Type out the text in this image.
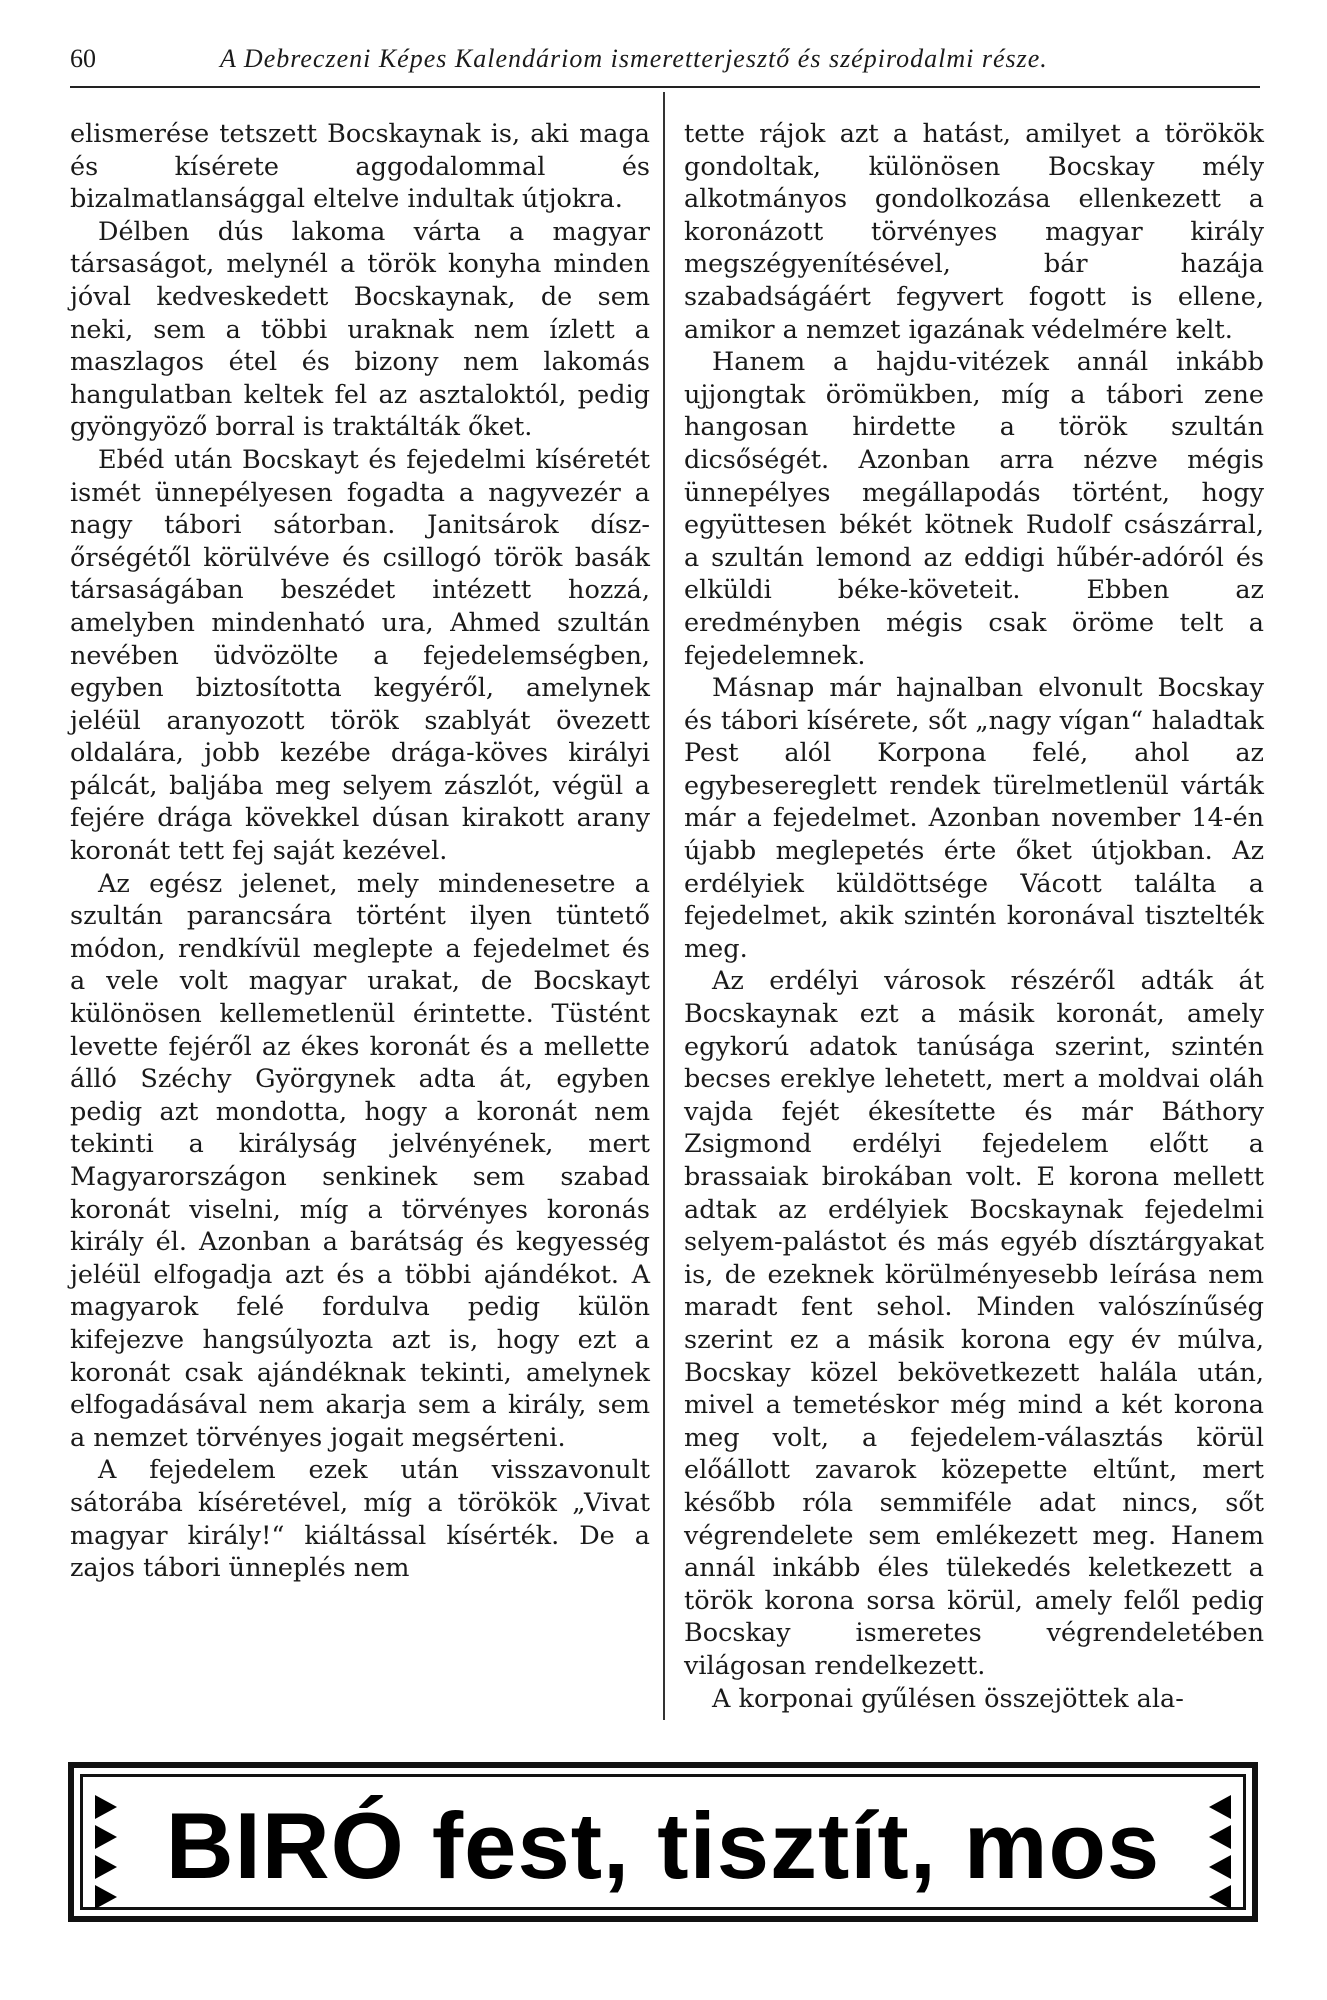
60	A Debreczeni Képes Kalendáriom ismeretterjesztő és szépirodalmi része.

elismerése tetszett Bocskaynak is, aki maga és kísérete aggodalommal és bizalmatlansággal eltelve indultak útjokra.

Délben dús lakoma várta a magyar társaságot, melynél a török konyha minden jóval kedveskedett Bocskaynak, de sem neki, sem a többi uraknak nem ízlett a maszlagos étel és bizony nem lakomás hangulatban keltek fel az asztaloktól, pedig gyöngyöző borral is traktálták őket.

Ebéd után Bocskayt és fejedelmi kíséretét ismét ünnepélyesen fogadta a nagyvezér a nagy tábori sátorban. Janitsárok dísz-őrségétől körülvéve és csillogó török basák társaságában beszédet intézett hozzá, amelyben mindenható ura, Ahmed szultán nevében üdvözölte a fejedelemségben, egyben biztosította kegyéről, amelynek jeléül aranyozott török szablyát övezett oldalára, jobb kezébe drága-köves királyi pálcát, baljába meg selyem zászlót, végül a fejére drága kövekkel dúsan kirakott arany koronát tett fej saját kezével.

Az egész jelenet, mely mindenesetre a szultán parancsára történt ilyen tüntető módon, rendkívül meglepte a fejedelmet és a vele volt magyar urakat, de Bocskayt különösen kellemetlenül érintette. Tüstént levette fejéről az ékes koronát és a mellette álló Széchy Györgynek adta át, egyben pedig azt mondotta, hogy a koronát nem tekinti a királyság jelvényének, mert Magyarországon senkinek sem szabad koronát viselni, míg a törvényes koronás király él. Azonban a barátság és kegyesség jeléül elfogadja azt és a többi ajándékot. A magyarok felé fordulva pedig külön kifejezve hangsúlyozta azt is, hogy ezt a koronát csak ajándéknak tekinti, amelynek elfogadásával nem akarja sem a király, sem a nemzet törvényes jogait megsérteni.

A fejedelem ezek után visszavonult sátorába kíséretével, míg a törökök „Vivat magyar király!“ kiáltással kísérték. De a zajos tábori ünneplés nem

tette rájok azt a hatást, amilyet a törökök gondoltak, különösen Bocskay mély alkotmányos gondolkozása ellenkezett a koronázott törvényes magyar király megszégyenítésével, bár hazája szabadságáért fegyvert fogott is ellene, amikor a nemzet igazának védelmére kelt.

Hanem a hajdu-vitézek annál inkább ujjongtak örömükben, míg a tábori zene hangosan hirdette a török szultán dicsőségét. Azonban arra nézve mégis ünnepélyes megállapodás történt, hogy együttesen békét kötnek Rudolf császárral, a szultán lemond az eddigi hűbér-adóról és elküldi béke-követeit. Ebben az eredményben mégis csak öröme telt a fejedelemnek.

Másnap már hajnalban elvonult Bocskay és tábori kísérete, sőt „nagy vígan“ haladtak Pest alól Korpona felé, ahol az egybesereglett rendek türelmetlenül várták már a fejedelmet. Azonban november 14-én újabb meglepetés érte őket útjokban. Az erdélyiek küldöttsége Vácott találta a fejedelmet, akik szintén koronával tisztelték meg.

Az erdélyi városok részéről adták át Bocskaynak ezt a másik koronát, amely egykorú adatok tanúsága szerint, szintén becses ereklye lehetett, mert a moldvai oláh vajda fejét ékesítette és már Báthory Zsigmond erdélyi fejedelem előtt a brassaiak birokában volt. E korona mellett adtak az erdélyiek Bocskaynak fejedelmi selyem-palástot és más egyéb dísztárgyakat is, de ezeknek körülményesebb leírása nem maradt fent sehol. Minden valószínűség szerint ez a másik korona egy év múlva, Bocskay közel bekövetkezett halála után, mivel a temetéskor még mind a két korona meg volt, a fejedelem-választás körül előállott zavarok közepette eltűnt, mert később róla semmiféle adat nincs, sőt végrendelete sem emlékezett meg. Hanem annál inkább éles tülekedés keletkezett a török korona sorsa körül, amely felől pedig Bocskay ismeretes végrendeletében világosan rendelkezett.

A korponai gyűlésen összejöttek ala-

BIRÓ fest, tisztít, mos
